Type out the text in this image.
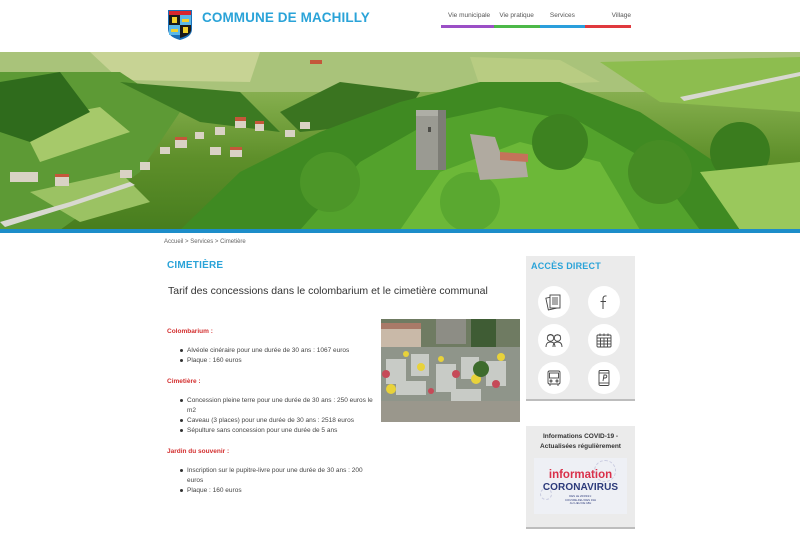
COMMUNE DE MACHILLY	Vie municipale	Vie pratique	Services	Village
Accueil > Services > Cimetière
CIMETIÈRE

Tarif des concessions dans le colombarium et le cimetière communal

Colombarium :
Alvéole cinéraire pour une durée de 30 ans : 1067 euros
Plaque : 160 euros
Cimetière :
Concession pleine terre pour une durée de 30 ans : 250 euros le m2
Caveau (3 places) pour une durée de 30 ans : 2518 euros
Sépulture sans concession pour une durée de 5 ans
Jardin du souvenir :
Inscription sur le pupitre-livre pour une durée de 30 ans : 200 euros
Plaque : 160 euros
ACCÈS DIRECT
Informations COVID-19 -
Actualisées régulièrement
information
CORONAVIRUS
DES LE 20/03/21:
COUVRE-FEU DES 19H
AU LIEU DE 18H
